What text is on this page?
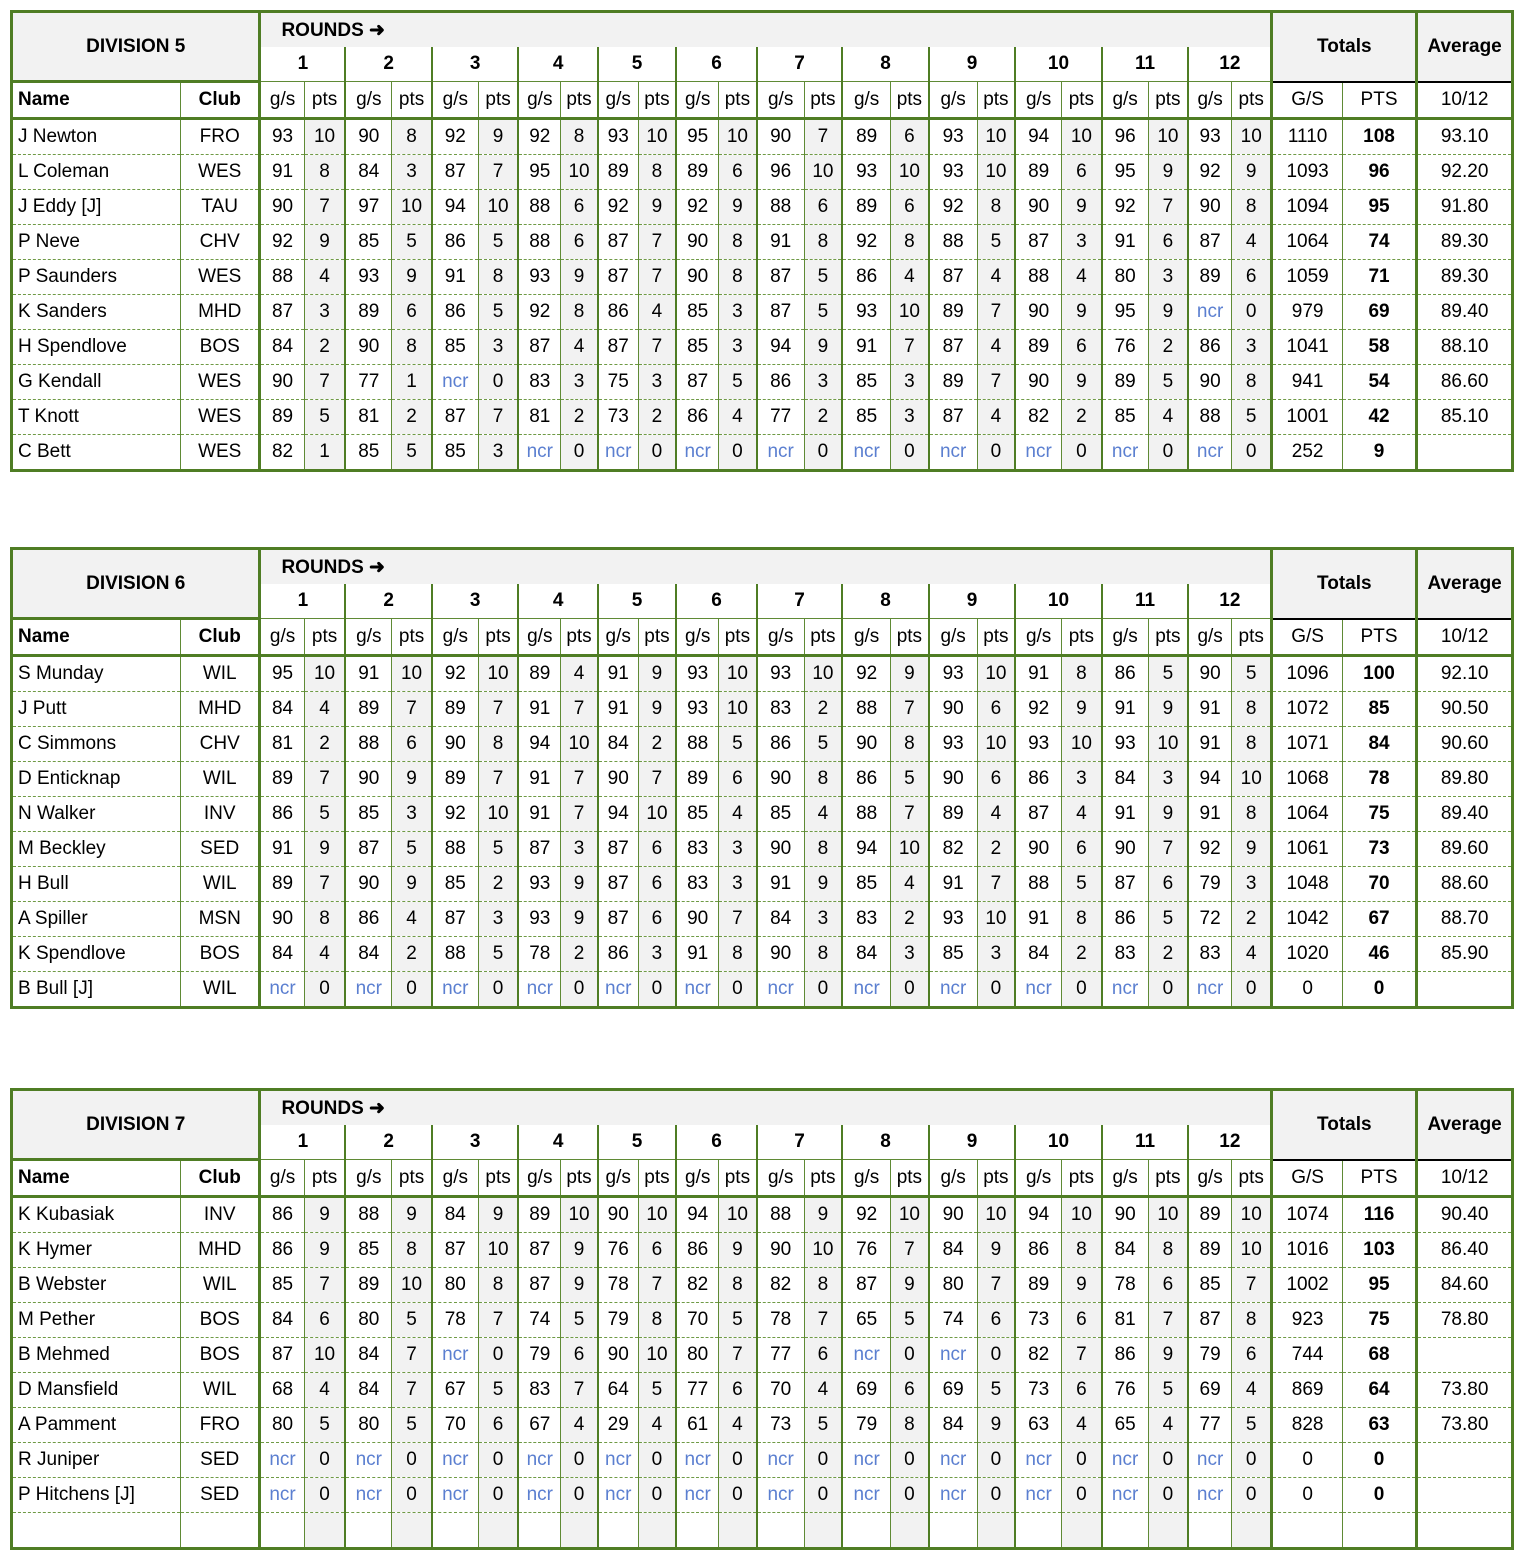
DIVISION 5		ROUNDS ➜																								Totals		Average
		1		2		3		4		5		6		7		8		9		10		11		12				
Name	Club	g/s	pts	g/s	pts	g/s	pts	g/s	pts	g/s	pts	g/s	pts	g/s	pts	g/s	pts	g/s	pts	g/s	pts	g/s	pts	g/s	pts	G/S	PTS	10/12
J Newton	FRO	93	10	90	8	92	9	92	8	93	10	95	10	90	7	89	6	93	10	94	10	96	10	93	10	1110	108	93.10
L Coleman	WES	91	8	84	3	87	7	95	10	89	8	89	6	96	10	93	10	93	10	89	6	95	9	92	9	1093	96	92.20
J Eddy [J]	TAU	90	7	97	10	94	10	88	6	92	9	92	9	88	6	89	6	92	8	90	9	92	7	90	8	1094	95	91.80
P Neve	CHV	92	9	85	5	86	5	88	6	87	7	90	8	91	8	92	8	88	5	87	3	91	6	87	4	1064	74	89.30
P Saunders	WES	88	4	93	9	91	8	93	9	87	7	90	8	87	5	86	4	87	4	88	4	80	3	89	6	1059	71	89.30
K Sanders	MHD	87	3	89	6	86	5	92	8	86	4	85	3	87	5	93	10	89	7	90	9	95	9	ncr	0	979	69	89.40
H Spendlove	BOS	84	2	90	8	85	3	87	4	87	7	85	3	94	9	91	7	87	4	89	6	76	2	86	3	1041	58	88.10
G Kendall	WES	90	7	77	1	ncr	0	83	3	75	3	87	5	86	3	85	3	89	7	90	9	89	5	90	8	941	54	86.60
T Knott	WES	89	5	81	2	87	7	81	2	73	2	86	4	77	2	85	3	87	4	82	2	85	4	88	5	1001	42	85.10
C Bett	WES	82	1	85	5	85	3	ncr	0	ncr	0	ncr	0	ncr	0	ncr	0	ncr	0	ncr	0	ncr	0	ncr	0	252	9	
DIVISION 6		ROUNDS ➜																								Totals		Average
		1		2		3		4		5		6		7		8		9		10		11		12				
Name	Club	g/s	pts	g/s	pts	g/s	pts	g/s	pts	g/s	pts	g/s	pts	g/s	pts	g/s	pts	g/s	pts	g/s	pts	g/s	pts	g/s	pts	G/S	PTS	10/12
S Munday	WIL	95	10	91	10	92	10	89	4	91	9	93	10	93	10	92	9	93	10	91	8	86	5	90	5	1096	100	92.10
J Putt	MHD	84	4	89	7	89	7	91	7	91	9	93	10	83	2	88	7	90	6	92	9	91	9	91	8	1072	85	90.50
C Simmons	CHV	81	2	88	6	90	8	94	10	84	2	88	5	86	5	90	8	93	10	93	10	93	10	91	8	1071	84	90.60
D Enticknap	WIL	89	7	90	9	89	7	91	7	90	7	89	6	90	8	86	5	90	6	86	3	84	3	94	10	1068	78	89.80
N Walker	INV	86	5	85	3	92	10	91	7	94	10	85	4	85	4	88	7	89	4	87	4	91	9	91	8	1064	75	89.40
M Beckley	SED	91	9	87	5	88	5	87	3	87	6	83	3	90	8	94	10	82	2	90	6	90	7	92	9	1061	73	89.60
H Bull	WIL	89	7	90	9	85	2	93	9	87	6	83	3	91	9	85	4	91	7	88	5	87	6	79	3	1048	70	88.60
A Spiller	MSN	90	8	86	4	87	3	93	9	87	6	90	7	84	3	83	2	93	10	91	8	86	5	72	2	1042	67	88.70
K Spendlove	BOS	84	4	84	2	88	5	78	2	86	3	91	8	90	8	84	3	85	3	84	2	83	2	83	4	1020	46	85.90
B Bull [J]	WIL	ncr	0	ncr	0	ncr	0	ncr	0	ncr	0	ncr	0	ncr	0	ncr	0	ncr	0	ncr	0	ncr	0	ncr	0	0	0	
DIVISION 7		ROUNDS ➜																								Totals		Average
		1		2		3		4		5		6		7		8		9		10		11		12				
Name	Club	g/s	pts	g/s	pts	g/s	pts	g/s	pts	g/s	pts	g/s	pts	g/s	pts	g/s	pts	g/s	pts	g/s	pts	g/s	pts	g/s	pts	G/S	PTS	10/12
K Kubasiak	INV	86	9	88	9	84	9	89	10	90	10	94	10	88	9	92	10	90	10	94	10	90	10	89	10	1074	116	90.40
K Hymer	MHD	86	9	85	8	87	10	87	9	76	6	86	9	90	10	76	7	84	9	86	8	84	8	89	10	1016	103	86.40
B Webster	WIL	85	7	89	10	80	8	87	9	78	7	82	8	82	8	87	9	80	7	89	9	78	6	85	7	1002	95	84.60
M Pether	BOS	84	6	80	5	78	7	74	5	79	8	70	5	78	7	65	5	74	6	73	6	81	7	87	8	923	75	78.80
B Mehmed	BOS	87	10	84	7	ncr	0	79	6	90	10	80	7	77	6	ncr	0	ncr	0	82	7	86	9	79	6	744	68	
D Mansfield	WIL	68	4	84	7	67	5	83	7	64	5	77	6	70	4	69	6	69	5	73	6	76	5	69	4	869	64	73.80
A Pamment	FRO	80	5	80	5	70	6	67	4	29	4	61	4	73	5	79	8	84	9	63	4	65	4	77	5	828	63	73.80
R Juniper	SED	ncr	0	ncr	0	ncr	0	ncr	0	ncr	0	ncr	0	ncr	0	ncr	0	ncr	0	ncr	0	ncr	0	ncr	0	0	0	
P Hitchens [J]	SED	ncr	0	ncr	0	ncr	0	ncr	0	ncr	0	ncr	0	ncr	0	ncr	0	ncr	0	ncr	0	ncr	0	ncr	0	0	0	
